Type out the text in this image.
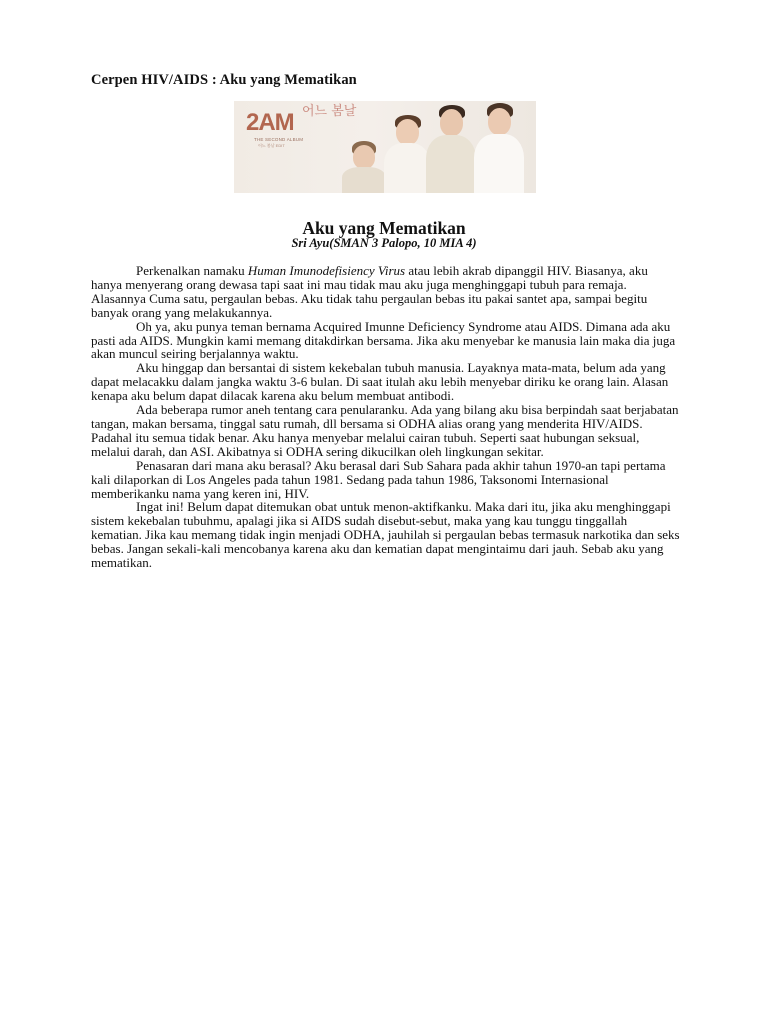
Cerpen HIV/AIDS : Aku yang Mematikan
2AM 어느 봄날
THE SECOND ALBUM
어느 봄날 EDIT
Aku yang Mematikan
Sri Ayu(SMAN 3 Palopo, 10 MIA 4)

Perkenalkan namaku Human Imunodefisiency Virus atau lebih akrab dipanggil HIV. Biasanya, aku hanya menyerang orang dewasa tapi saat ini mau tidak mau aku juga menghinggapi tubuh para remaja. Alasannya Cuma satu, pergaulan bebas. Aku tidak tahu pergaulan bebas itu pakai santet apa, sampai begitu banyak orang yang melakukannya.

Oh ya, aku punya teman bernama Acquired Imunne Deficiency Syndrome atau AIDS. Dimana ada aku pasti ada AIDS. Mungkin kami memang ditakdirkan bersama. Jika aku menyebar ke manusia lain maka dia juga akan muncul seiring berjalannya waktu.

Aku hinggap dan bersantai di sistem kekebalan tubuh manusia. Layaknya mata-mata, belum ada yang dapat melacakku dalam jangka waktu 3-6 bulan. Di saat itulah aku lebih menyebar diriku ke orang lain. Alasan kenapa aku belum dapat dilacak karena aku belum membuat antibodi.

Ada beberapa rumor aneh tentang cara penularanku. Ada yang bilang aku bisa berpindah saat berjabatan tangan, makan bersama, tinggal satu rumah, dll bersama si ODHA alias orang yang menderita HIV/AIDS. Padahal itu semua tidak benar. Aku hanya menyebar melalui cairan tubuh. Seperti saat hubungan seksual, melalui darah, dan ASI. Akibatnya si ODHA sering dikucilkan oleh lingkungan sekitar.

Penasaran dari mana aku berasal? Aku berasal dari Sub Sahara pada akhir tahun 1970-an tapi pertama kali dilaporkan di Los Angeles pada tahun 1981. Sedang pada tahun 1986, Taksonomi Internasional memberikanku nama yang keren ini, HIV.

Ingat ini! Belum dapat ditemukan obat untuk menon-aktifkanku. Maka dari itu, jika aku menghinggapi sistem kekebalan tubuhmu, apalagi jika si AIDS sudah disebut-sebut, maka yang kau tunggu tinggallah kematian. Jika kau memang tidak ingin menjadi ODHA, jauhilah si pergaulan bebas termasuk narkotika dan seks bebas. Jangan sekali-kali mencobanya karena aku dan kematian dapat mengintaimu dari jauh. Sebab aku yang mematikan.
